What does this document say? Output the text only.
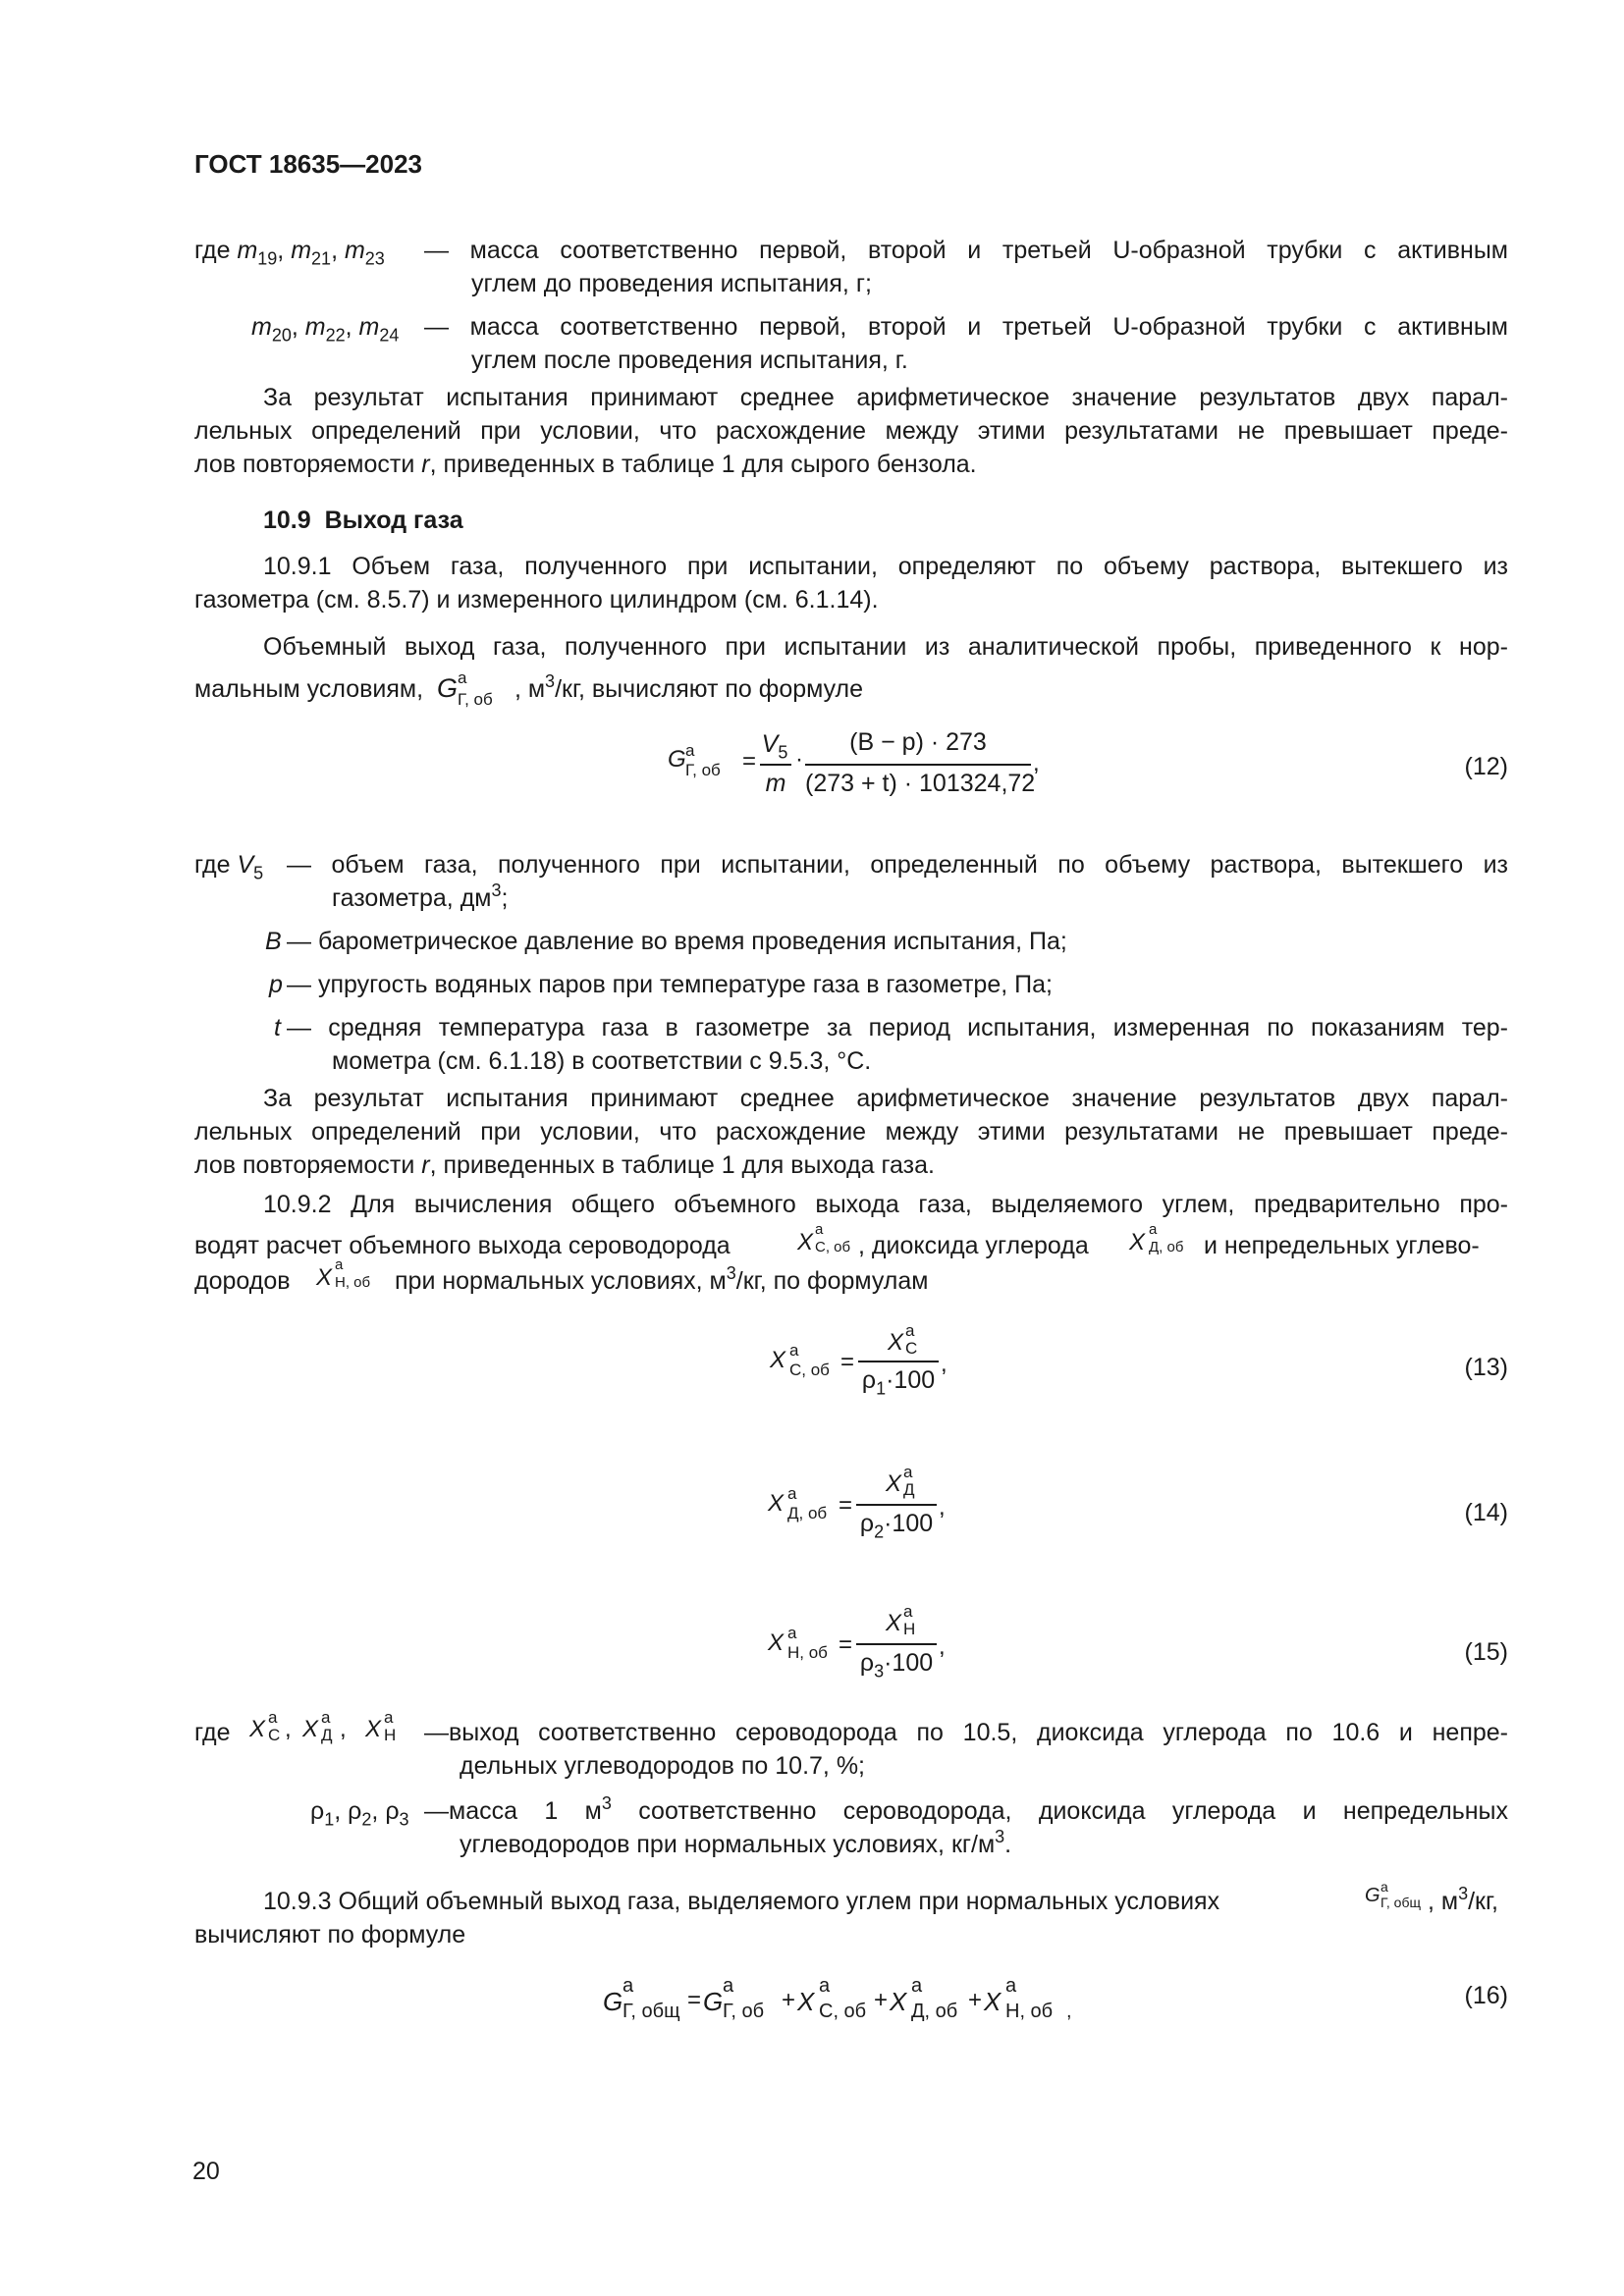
ГОСТ 18635—2023
где $m_{19}$, $m_{21}$, $m_{23}$ — масса соответственно первой, второй и третьей U-образной трубки с активным
углем до проведения испытания, г;
$m_{20}$, $m_{22}$, $m_{24}$ — масса соответственно первой, второй и третьей U-образной трубки с активным
углем после проведения испытания, г.
За результат испытания принимают среднее арифметическое значение результатов двух парал-
лельных определений при условии, что расхождение между этими результатами не превышает преде-
лов повторяемости r, приведенных в таблице 1 для сырого бензола.
10.9 Выход газа
10.9.1 Объем газа, полученного при испытании, определяют по объему раствора, вытекшего из
газометра (см. 8.5.7) и измеренного цилиндром (см. 6.1.14).
Объемный выход газа, полученного при испытании из аналитической пробы, приведенного к нор-
мальным условиям, G а
Г, об , $м^3/кг$, вычисляют по формуле
G а
Г, об =
$V_5$
m
·
(B − p) · 273
(273 + t) · 101324,72
,	(12)
где $V_5$ — объем газа, полученного при испытании, определенный по объему раствора, вытекшего из
газометра, $дм^3$;
B — барометрическое давление во время проведения испытания, Па;
p — упругость водяных паров при температуре газа в газометре, Па;
t — средняя температура газа в газометре за период испытания, измеренная по показаниям тер-
мометра (см. 6.1.18) в соответствии с 9.5.3, °С.
За результат испытания принимают среднее арифметическое значение результатов двух парал-
лельных определений при условии, что расхождение между этими результатами не превышает преде-
лов повторяемости r, приведенных в таблице 1 для выхода газа.
10.9.2 Для вычисления общего объемного выхода газа, выделяемого углем, предварительно про-
водят расчет объемного выхода сероводорода	X а
С, об , диоксида углерода X а
Д, об и непредельных углево-
дородов X а
Н, об при нормальных условиях, $м^3/кг$, по формулам
X а
С, об =
X а
С
$\rho_1\cdot 100$
,	(13)
X а
Д, об =
X а
Д
$\rho_2\cdot 100$
,	(14)
X а
Н, об =
X а
Н
$\rho_3\cdot 100$
,	(15)
где X а
С , X а
Д , X а
Н —выход соответственно сероводорода по 10.5, диоксида углерода по 10.6 и непре-
дельных углеводородов по 10.7, %;
$\rho_1$, $\rho_2$, $\rho_3$ —масса 1 $м^3$ соответственно сероводорода, диоксида углерода и непредельных
углеводородов при нормальных условиях, $кг/м^3$.
10.9.3 Общий объемный выход газа, выделяемого углем при нормальных условиях	G а
Г, общ , $м^3/кг$,
вычисляют по формуле
G
а
Г, общ = G
а
Г, об + X
а
С, об + X
а
Д, об + X
а
Н, об ,
(16)
20
